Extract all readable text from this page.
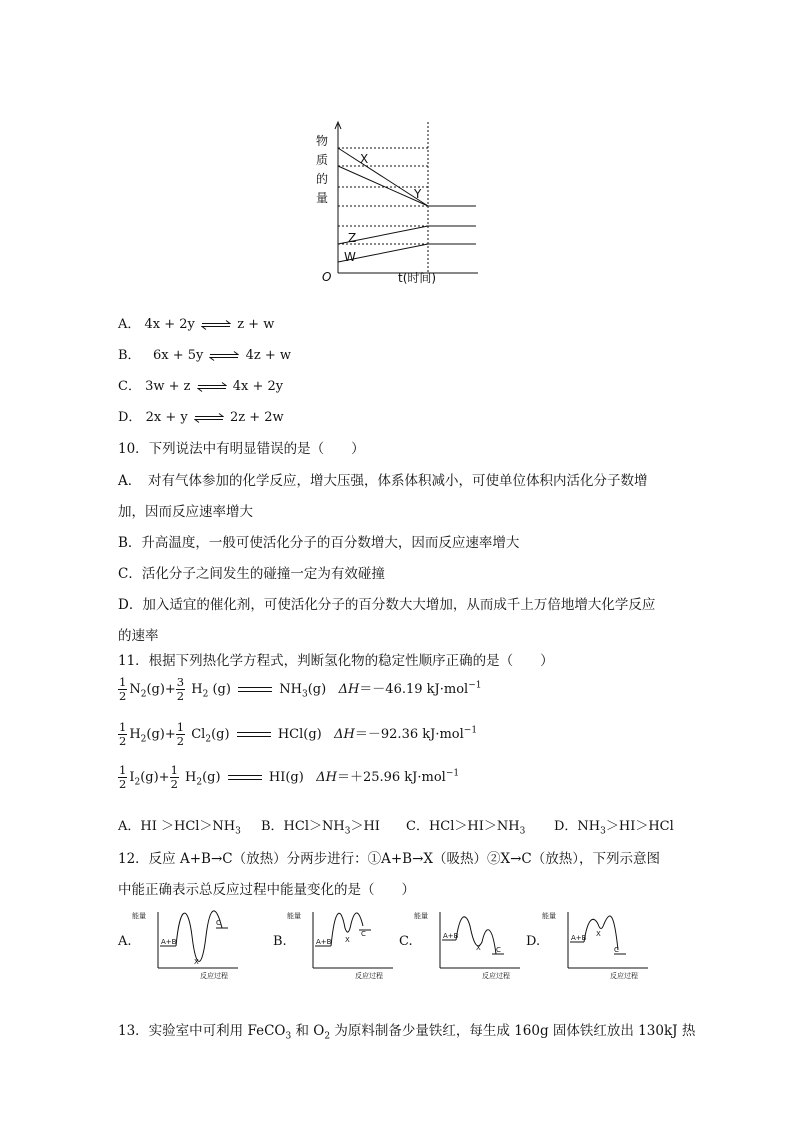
物
质
的
量
O	t(时间)
X
Y
Z
W
A． 4x + 2y ⇌ z + w
B． 6x + 5y ⇌ 4z + w
C． 3w + z ⇌ 4x + 2y
D． 2x + y ⇌ 2z + 2w
10．下列说法中有明显错误的是（　　）
A．　对有气体参加的化学反应，增大压强，体系体积减小，可使单位体积内活化分子数增
加，因而反应速率增大
B．升高温度，一般可使活化分子的百分数增大，因而反应速率增大
C．活化分子之间发生的碰撞一定为有效碰撞
D．加入适宜的催化剂，可使活化分子的百分数大大增加，从而成千上万倍地增大化学反应
的速率
11．根据下列热化学方程式，判断氢化物的稳定性顺序正确的是（　　）
$\frac{1}{2} N_2(g)+ \frac{3}{2} H_2$ (g)	$NH_3(g)$ ΔH＝－46.19 kJ·mol$^{-1}$
$\frac{1}{2} H_2(g)+ \frac{1}{2} Cl_2(g)$	HCl(g) ΔH＝－92.36 kJ·mol$^{-1}$
$\frac{1}{2} I_2(g)+ \frac{1}{2} H_2(g)$	HI(g) ΔH＝＋25.96 kJ·mol$^{-1}$
A．HI $>HCl>NH_3$ B．$HCl>NH_3>HI$ C．$HCl>HI>NH_3$ D．$NH_3>HI>HCl$
12．反应 A+B→C（放热）分两步进行：①A+B→X（吸热）②X→C（放热），下列示意图
中能正确表示总反应过程中能量变化的是（　　）
A.
能量
A+B
X
C
反应过程
B.
能量
A+B X
C
反应过程
C.
能量
A+B
X C
反应过程
D.
能量
A+B X
C
反应过程
13．实验室中可利用 FeCO$_3$ 和 $O_2$ 为原料制备少量铁红，每生成 160g 固体铁红放出 130kJ 热
